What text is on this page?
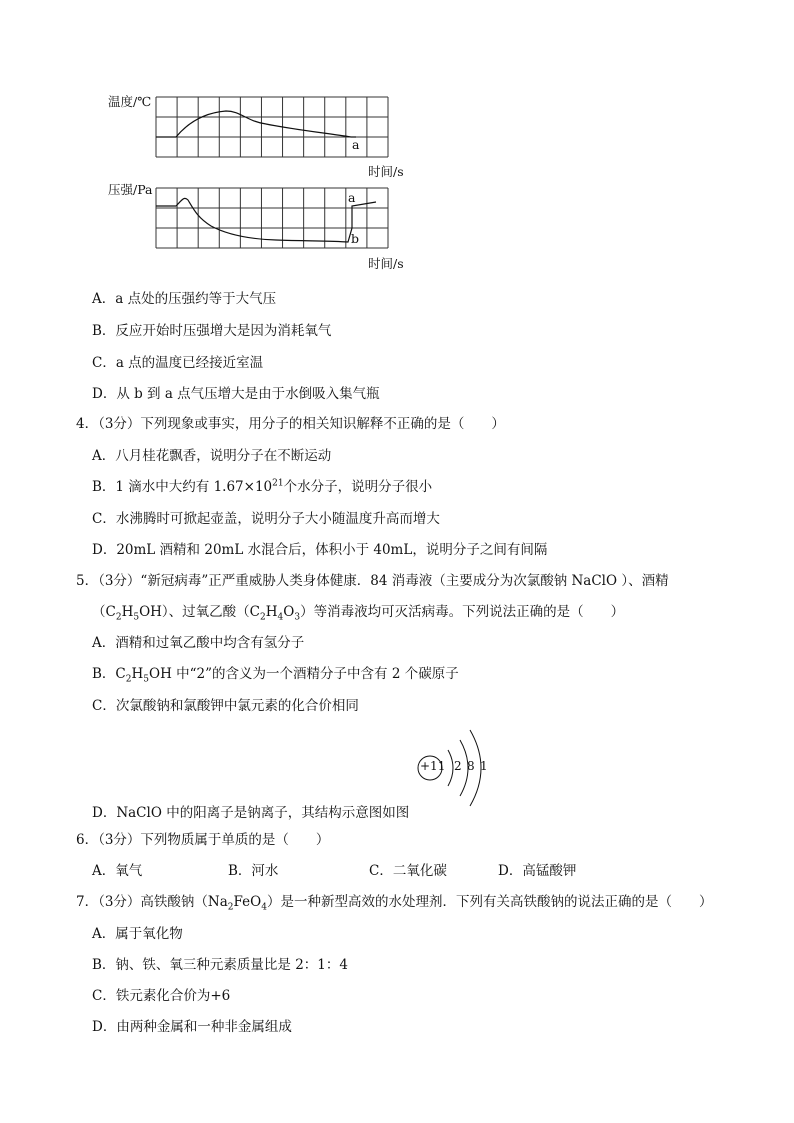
温度/℃
a
时间/s
压强/Pa
a
b
时间/s
A．a 点处的压强约等于大气压
B．反应开始时压强增大是因为消耗氧气
C．a 点的温度已经接近室温
D．从 b 到 a 点气压增大是由于水倒吸入集气瓶
4．（3分）下列现象或事实，用分子的相关知识解释不正确的是（　　）
A．八月桂花飘香，说明分子在不断运动
B．1 滴水中大约有 $1.67\times 10^{21}$个水分子，说明分子很小
C．水沸腾时可掀起壶盖，说明分子大小随温度升高而增大
D．20mL 酒精和 20mL 水混合后，体积小于 40mL，说明分子之间有间隔
5．（3分）“新冠病毒”正严重威胁人类身体健康．84 消毒液（主要成分为次氯酸钠 NaClO ）、酒精
$(C_2H_5OH)$、过氧乙酸$(C_2H_4O_3)$等消毒液均可灭活病毒。下列说法正确的是（　　）
A．酒精和过氧乙酸中均含有氢分子
B．$C_2H_5OH$ 中“2”的含义为一个酒精分子中含有 2 个碳原子
C．次氯酸钠和氯酸钾中氯元素的化合价相同
+11 2 8 1
D．NaClO 中的阳离子是钠离子，其结构示意图如图
6．（3分）下列物质属于单质的是（　　）
A．氧气	B．河水	C．二氧化碳	D．高锰酸钾
7．（3分）高铁酸钠$(Na_2FeO_4)$是一种新型高效的水处理剂．下列有关高铁酸钠的说法正确的是（　　）
A．属于氧化物
B．钠、铁、氧三种元素质量比是 2：1：4
C．铁元素化合价为+6
D．由两种金属和一种非金属组成
